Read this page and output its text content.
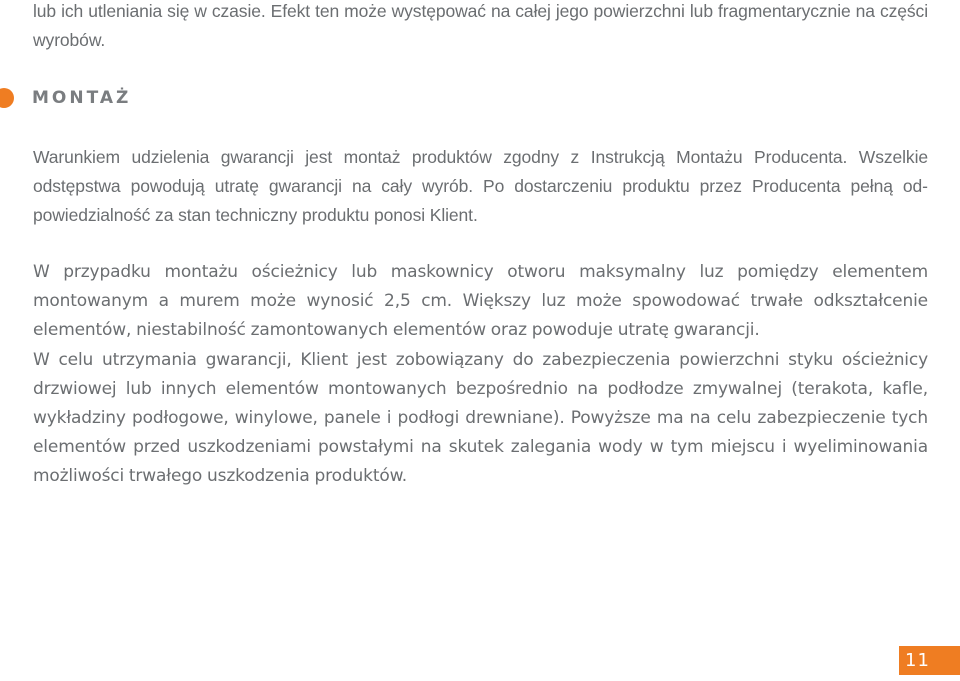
lub ich utleniania się w czasie. Efekt ten może występować na całej jego powierzchni lub fragmentarycznie na części wyrobów.

MONTAŻ

Warunkiem udzielenia gwarancji jest montaż produktów zgodny z Instrukcją Montażu Producenta. Wszelkie odstępstwa powodują utratę gwarancji na cały wyrób. Po dostarczeniu produktu przez Producenta pełną odpowiedzialność za stan techniczny produktu ponosi Klient.

W przypadku montażu ościeżnicy lub maskownicy otworu maksymalny luz pomiędzy elementem montowanym a murem może wynosić 2,5 cm. Większy luz może spowodować trwałe odkształcenie elementów, niestabilność zamontowanych elementów oraz powoduje utratę gwarancji.

W celu utrzymania gwarancji, Klient jest zobowiązany do zabezpieczenia powierzchni styku ościeżnicy drzwiowej lub innych elementów montowanych bezpośrednio na podłodze zmywalnej (terakota, kafle, wykładziny podłogowe, winylowe, panele i podłogi drewniane). Powyższe ma na celu zabezpieczenie tych elementów przed uszkodzeniami powstałymi na skutek zalegania wody w tym miejscu i wyeliminowania możliwości trwałego uszkodzenia produktów.

11
